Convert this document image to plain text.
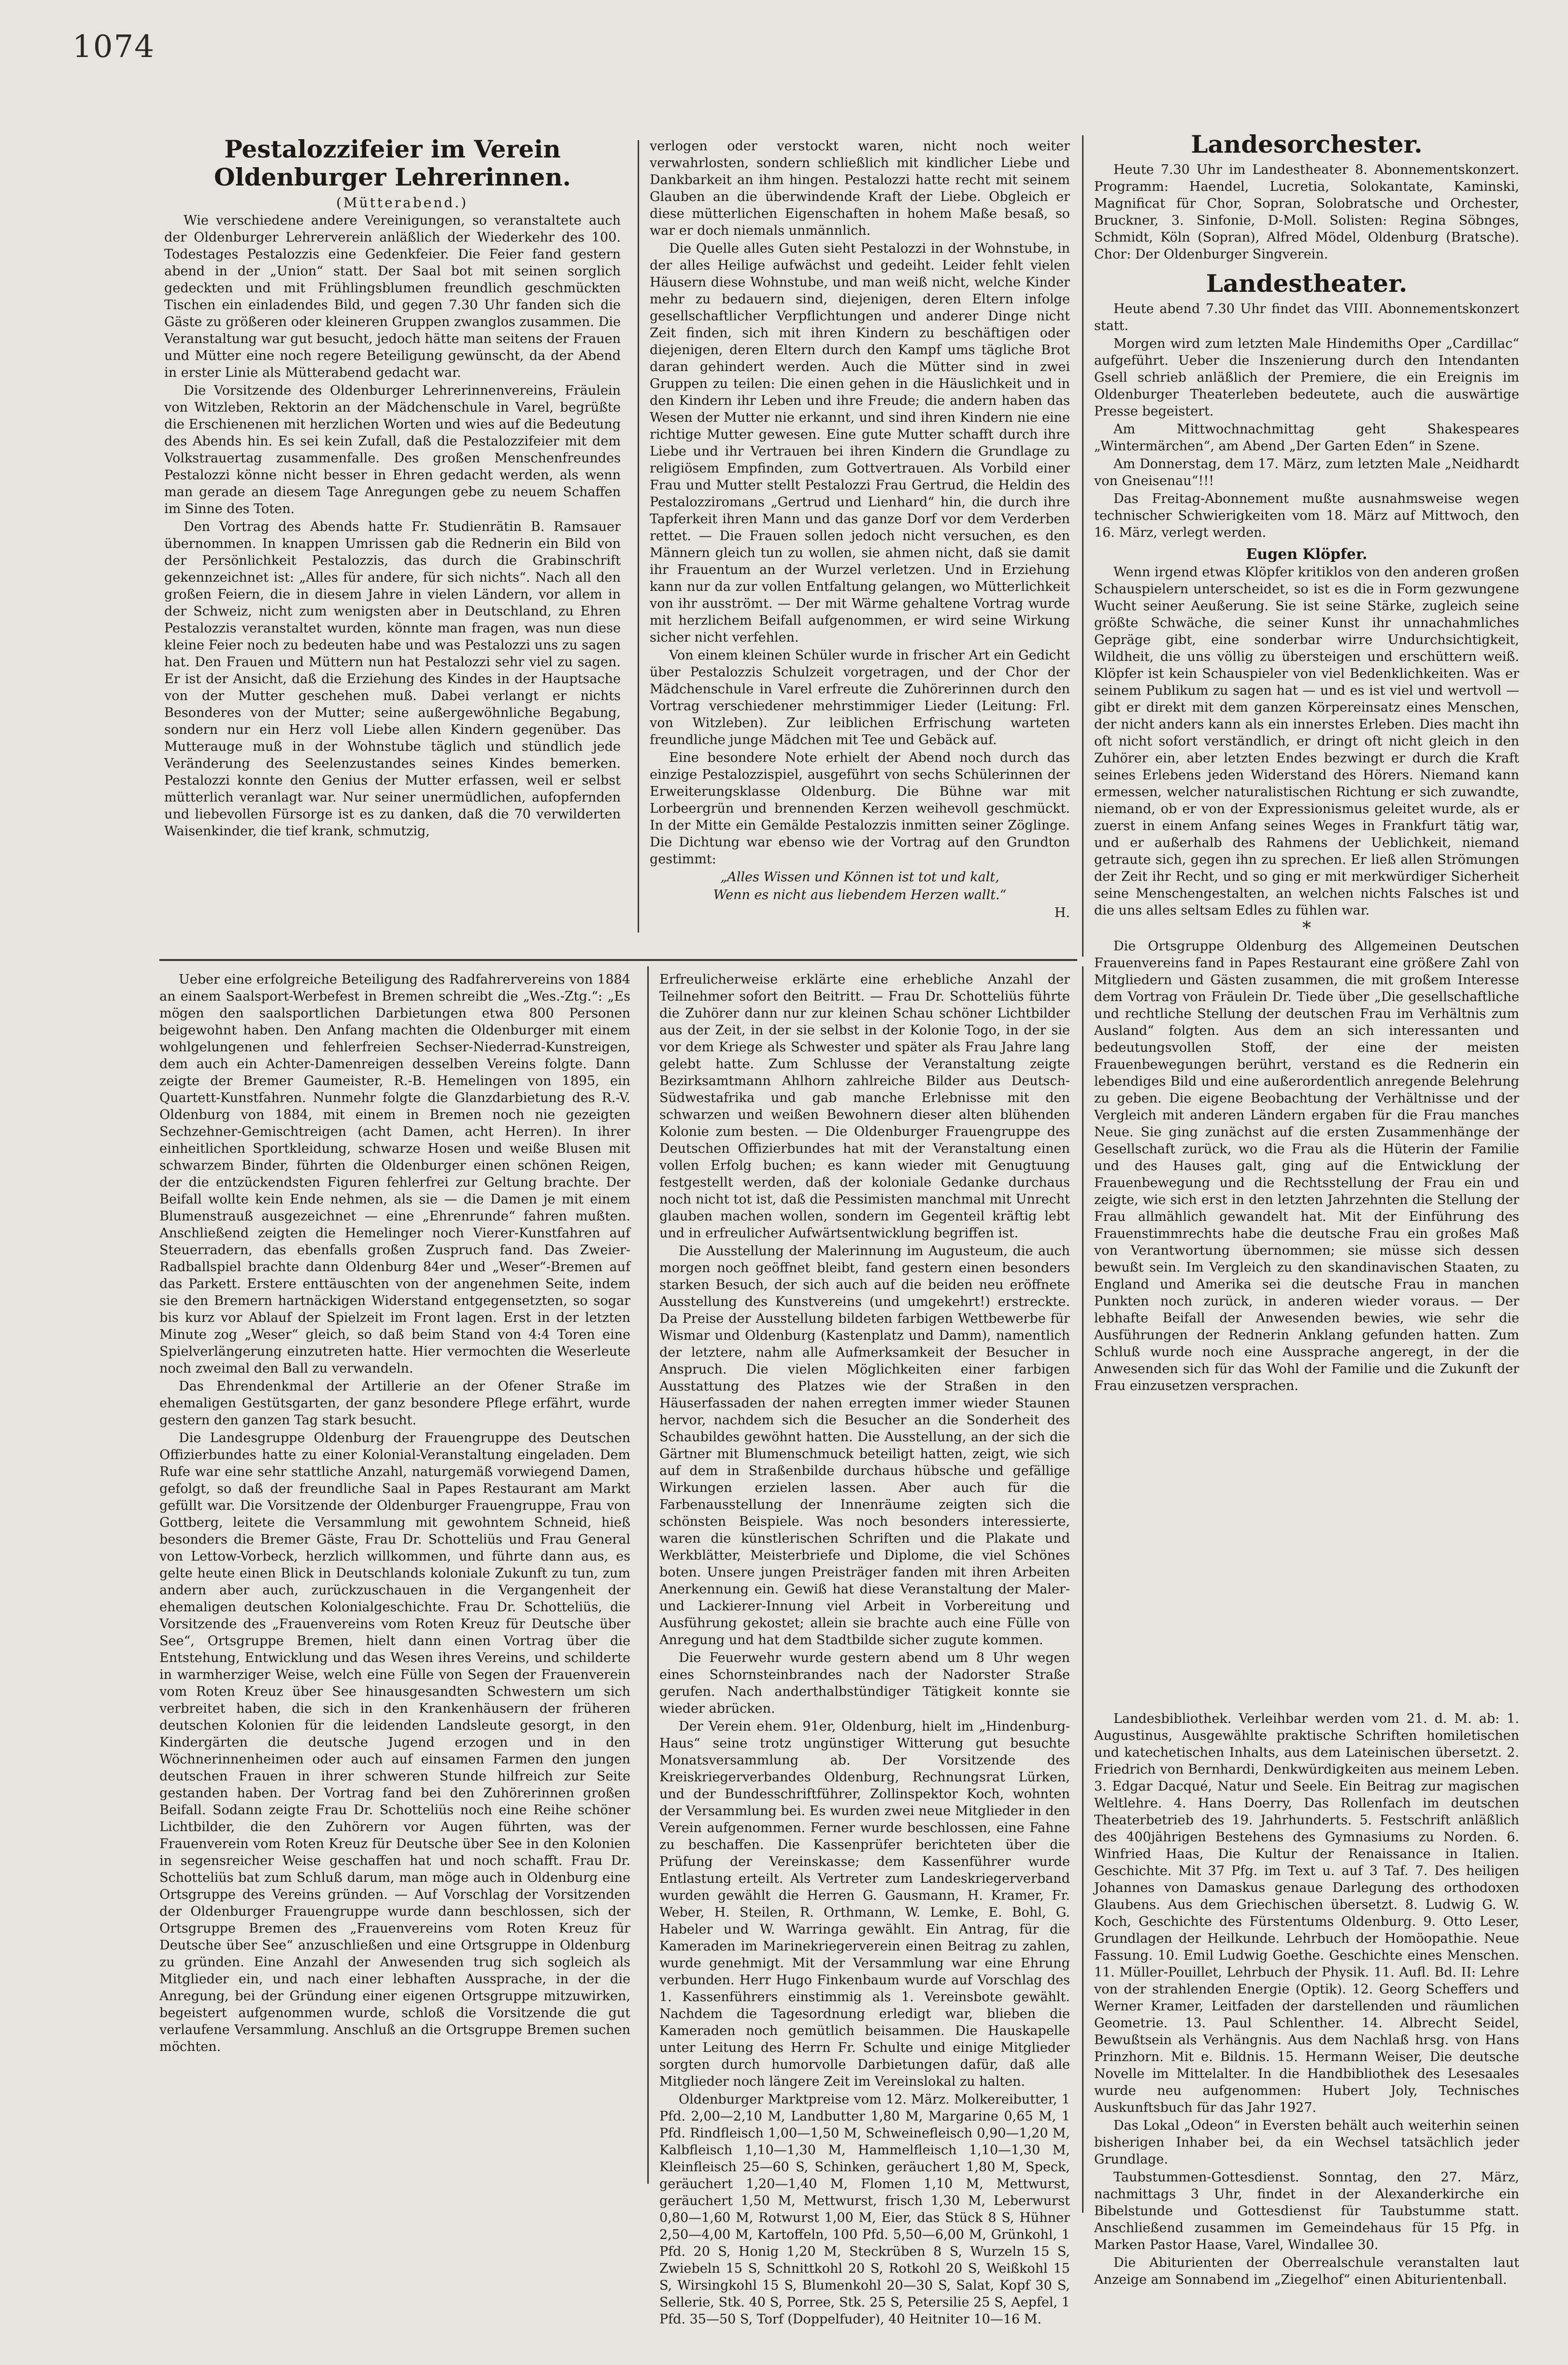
1074
Pestalozzifeier im Verein Oldenburger Lehrerinnen.

(Mütterabend.)

Wie verschiedene andere Vereinigungen, so veranstaltete auch der Oldenburger Lehrerverein anläßlich der Wiederkehr des 100. Todestages Pestalozzis eine Gedenkfeier. Die Feier fand gestern abend in der „Union“ statt. Der Saal bot mit seinen sorglich gedeckten und mit Frühlingsblumen freundlich geschmückten Tischen ein einladendes Bild, und gegen 7.30 Uhr fanden sich die Gäste zu größeren oder kleineren Gruppen zwanglos zusammen. Die Veranstaltung war gut besucht, jedoch hätte man seitens der Frauen und Mütter eine noch regere Beteiligung gewünscht, da der Abend in erster Linie als Mütterabend gedacht war.

Die Vorsitzende des Oldenburger Lehrerinnenvereins, Fräulein von Witzleben, Rektorin an der Mädchenschule in Varel, begrüßte die Erschienenen mit herzlichen Worten und wies auf die Bedeutung des Abends hin. Es sei kein Zufall, daß die Pestalozzifeier mit dem Volkstrauertag zusammenfalle. Des großen Menschenfreundes Pestalozzi könne nicht besser in Ehren gedacht werden, als wenn man gerade an diesem Tage Anregungen gebe zu neuem Schaffen im Sinne des Toten.

Den Vortrag des Abends hatte Fr. Studienrätin B. Ramsauer übernommen. In knappen Umrissen gab die Rednerin ein Bild von der Persönlichkeit Pestalozzis, das durch die Grabinschrift gekennzeichnet ist: „Alles für andere, für sich nichts“. Nach all den großen Feiern, die in diesem Jahre in vielen Ländern, vor allem in der Schweiz, nicht zum wenigsten aber in Deutschland, zu Ehren Pestalozzis veranstaltet wurden, könnte man fragen, was nun diese kleine Feier noch zu bedeuten habe und was Pestalozzi uns zu sagen hat. Den Frauen und Müttern nun hat Pestalozzi sehr viel zu sagen. Er ist der Ansicht, daß die Erziehung des Kindes in der Hauptsache von der Mutter geschehen muß. Dabei verlangt er nichts Besonderes von der Mutter; seine außergewöhnliche Begabung, sondern nur ein Herz voll Liebe allen Kindern gegenüber. Das Mutterauge muß in der Wohnstube täglich und stündlich jede Veränderung des Seelenzustandes seines Kindes bemerken. Pestalozzi konnte den Genius der Mutter erfassen, weil er selbst mütterlich veranlagt war. Nur seiner unermüdlichen, aufopfernden und liebevollen Fürsorge ist es zu danken, daß die 70 verwilderten Waisenkinder, die tief krank, schmutzig,

verlogen oder verstockt waren, nicht noch weiter verwahrlosten, sondern schließlich mit kindlicher Liebe und Dankbarkeit an ihm hingen. Pestalozzi hatte recht mit seinem Glauben an die überwindende Kraft der Liebe. Obgleich er diese mütterlichen Eigenschaften in hohem Maße besaß, so war er doch niemals unmännlich.

Die Quelle alles Guten sieht Pestalozzi in der Wohnstube, in der alles Heilige aufwächst und gedeiht. Leider fehlt vielen Häusern diese Wohnstube, und man weiß nicht, welche Kinder mehr zu bedauern sind, diejenigen, deren Eltern infolge gesellschaftlicher Verpflichtungen und anderer Dinge nicht Zeit finden, sich mit ihren Kindern zu beschäftigen oder diejenigen, deren Eltern durch den Kampf ums tägliche Brot daran gehindert werden. Auch die Mütter sind in zwei Gruppen zu teilen: Die einen gehen in die Häuslichkeit und in den Kindern ihr Leben und ihre Freude; die andern haben das Wesen der Mutter nie erkannt, und sind ihren Kindern nie eine richtige Mutter gewesen. Eine gute Mutter schafft durch ihre Liebe und ihr Vertrauen bei ihren Kindern die Grundlage zu religiösem Empfinden, zum Gottvertrauen. Als Vorbild einer Frau und Mutter stellt Pestalozzi Frau Gertrud, die Heldin des Pestalozziromans „Gertrud und Lienhard“ hin, die durch ihre Tapferkeit ihren Mann und das ganze Dorf vor dem Verderben rettet. — Die Frauen sollen jedoch nicht versuchen, es den Männern gleich tun zu wollen, sie ahmen nicht, daß sie damit ihr Frauentum an der Wurzel verletzen. Und in Erziehung kann nur da zur vollen Entfaltung gelangen, wo Mütterlichkeit von ihr ausströmt. — Der mit Wärme gehaltene Vortrag wurde mit herzlichem Beifall aufgenommen, er wird seine Wirkung sicher nicht verfehlen.

Von einem kleinen Schüler wurde in frischer Art ein Gedicht über Pestalozzis Schulzeit vorgetragen, und der Chor der Mädchenschule in Varel erfreute die Zuhörerinnen durch den Vortrag verschiedener mehrstimmiger Lieder (Leitung: Frl. von Witzleben). Zur leiblichen Erfrischung warteten freundliche junge Mädchen mit Tee und Gebäck auf.

Eine besondere Note erhielt der Abend noch durch das einzige Pestalozzispiel, ausgeführt von sechs Schülerinnen der Erweiterungsklasse Oldenburg. Die Bühne war mit Lorbeergrün und brennenden Kerzen weihevoll geschmückt. In der Mitte ein Gemälde Pestalozzis inmitten seiner Zöglinge. Die Dichtung war ebenso wie der Vortrag auf den Grundton gestimmt:

„Alles Wissen und Können ist tot und kalt,

Wenn es nicht aus liebendem Herzen wallt.“

H.

Landesorchester.

Heute 7.30 Uhr im Landestheater 8. Abonnementskonzert. Programm: Haendel, Lucretia, Solokantate, Kaminski, Magnificat für Chor, Sopran, Solobratsche und Orchester, Bruckner, 3. Sinfonie, D-Moll. Solisten: Regina Söbnges, Schmidt, Köln (Sopran), Alfred Mödel, Oldenburg (Bratsche). Chor: Der Oldenburger Singverein.

Landestheater.

Heute abend 7.30 Uhr findet das VIII. Abonnementskonzert statt.

Morgen wird zum letzten Male Hindemiths Oper „Cardillac“ aufgeführt. Ueber die Inszenierung durch den Intendanten Gsell schrieb anläßlich der Premiere, die ein Ereignis im Oldenburger Theaterleben bedeutete, auch die auswärtige Presse begeistert.

Am Mittwochnachmittag geht Shakespeares „Wintermärchen“, am Abend „Der Garten Eden“ in Szene.

Am Donnerstag, dem 17. März, zum letzten Male „Neidhardt von Gneisenau“!!!

Das Freitag-Abonnement mußte ausnahmsweise wegen technischer Schwierigkeiten vom 18. März auf Mittwoch, den 16. März, verlegt werden.

Eugen Klöpfer.

Wenn irgend etwas Klöpfer kritiklos von den anderen großen Schauspielern unterscheidet, so ist es die in Form gezwungene Wucht seiner Aeußerung. Sie ist seine Stärke, zugleich seine größte Schwäche, die seiner Kunst ihr unnachahmliches Gepräge gibt, eine sonderbar wirre Undurchsichtigkeit, Wildheit, die uns völlig zu übersteigen und erschüttern weiß. Klöpfer ist kein Schauspieler von viel Bedenklichkeiten. Was er seinem Publikum zu sagen hat — und es ist viel und wertvoll — gibt er direkt mit dem ganzen Körpereinsatz eines Menschen, der nicht anders kann als ein innerstes Erleben. Dies macht ihn oft nicht sofort verständlich, er dringt oft nicht gleich in den Zuhörer ein, aber letzten Endes bezwingt er durch die Kraft seines Erlebens jeden Widerstand des Hörers. Niemand kann ermessen, welcher naturalistischen Richtung er sich zuwandte, niemand, ob er von der Expressionismus geleitet wurde, als er zuerst in einem Anfang seines Weges in Frankfurt tätig war, und er außerhalb des Rahmens der Ueblichkeit, niemand getraute sich, gegen ihn zu sprechen. Er ließ allen Strömungen der Zeit ihr Recht, und so ging er mit merkwürdiger Sicherheit seine Menschengestalten, an welchen nichts Falsches ist und die uns alles seltsam Edles zu fühlen war.

*

Die Ortsgruppe Oldenburg des Allgemeinen Deutschen Frauenvereins fand in Papes Restaurant eine größere Zahl von Mitgliedern und Gästen zusammen, die mit großem Interesse dem Vortrag von Fräulein Dr. Tiede über „Die gesellschaftliche und rechtliche Stellung der deutschen Frau im Verhältnis zum Ausland“ folgten. Aus dem an sich interessanten und bedeutungsvollen Stoff, der eine der meisten Frauenbewegungen berührt, verstand es die Rednerin ein lebendiges Bild und eine außerordentlich anregende Belehrung zu geben. Die eigene Beobachtung der Verhältnisse und der Vergleich mit anderen Ländern ergaben für die Frau manches Neue. Sie ging zunächst auf die ersten Zusammenhänge der Gesellschaft zurück, wo die Frau als die Hüterin der Familie und des Hauses galt, ging auf die Entwicklung der Frauenbewegung und die Rechtsstellung der Frau ein und zeigte, wie sich erst in den letzten Jahrzehnten die Stellung der Frau allmählich gewandelt hat. Mit der Einführung des Frauenstimmrechts habe die deutsche Frau ein großes Maß von Verantwortung übernommen; sie müsse sich dessen bewußt sein. Im Vergleich zu den skandinavischen Staaten, zu England und Amerika sei die deutsche Frau in manchen Punkten noch zurück, in anderen wieder voraus. — Der lebhafte Beifall der Anwesenden bewies, wie sehr die Ausführungen der Rednerin Anklang gefunden hatten. Zum Schluß wurde noch eine Aussprache angeregt, in der die Anwesenden sich für das Wohl der Familie und die Zukunft der Frau einzusetzen versprachen.

Ueber eine erfolgreiche Beteiligung des Radfahrervereins von 1884 an einem Saalsport-Werbefest in Bremen schreibt die „Wes.-Ztg.“: „Es mögen den saalsportlichen Darbietungen etwa 800 Personen beigewohnt haben. Den Anfang machten die Oldenburger mit einem wohlgelungenen und fehlerfreien Sechser-Niederrad-Kunstreigen, dem auch ein Achter-Damenreigen desselben Vereins folgte. Dann zeigte der Bremer Gaumeister, R.-B. Hemelingen von 1895, ein Quartett-Kunstfahren. Nunmehr folgte die Glanzdarbietung des R.-V. Oldenburg von 1884, mit einem in Bremen noch nie gezeigten Sechzehner-Gemischtreigen (acht Damen, acht Herren). In ihrer einheitlichen Sportkleidung, schwarze Hosen und weiße Blusen mit schwarzem Binder, führten die Oldenburger einen schönen Reigen, der die entzückendsten Figuren fehlerfrei zur Geltung brachte. Der Beifall wollte kein Ende nehmen, als sie — die Damen je mit einem Blumenstrauß ausgezeichnet — eine „Ehrenrunde“ fahren mußten. Anschließend zeigten die Hemelinger noch Vierer-Kunstfahren auf Steuerradern, das ebenfalls großen Zuspruch fand. Das Zweier-Radballspiel brachte dann Oldenburg 84er und „Weser“-Bremen auf das Parkett. Erstere enttäuschten von der angenehmen Seite, indem sie den Bremern hartnäckigen Widerstand entgegensetzten, so sogar bis kurz vor Ablauf der Spielzeit im Front lagen. Erst in der letzten Minute zog „Weser“ gleich, so daß beim Stand von 4:4 Toren eine Spielverlängerung einzutreten hatte. Hier vermochten die Weserleute noch zweimal den Ball zu verwandeln.

Das Ehrendenkmal der Artillerie an der Ofener Straße im ehemaligen Gestütsgarten, der ganz besondere Pflege erfährt, wurde gestern den ganzen Tag stark besucht.

Die Landesgruppe Oldenburg der Frauengruppe des Deutschen Offizierbundes hatte zu einer Kolonial-Veranstaltung eingeladen. Dem Rufe war eine sehr stattliche Anzahl, naturgemäß vorwiegend Damen, gefolgt, so daß der freundliche Saal in Papes Restaurant am Markt gefüllt war. Die Vorsitzende der Oldenburger Frauengruppe, Frau von Gottberg, leitete die Versammlung mit gewohntem Schneid, hieß besonders die Bremer Gäste, Frau Dr. Schotteliüs und Frau General von Lettow-Vorbeck, herzlich willkommen, und führte dann aus, es gelte heute einen Blick in Deutschlands koloniale Zukunft zu tun, zum andern aber auch, zurückzuschauen in die Vergangenheit der ehemaligen deutschen Kolonialgeschichte. Frau Dr. Schotteliüs, die Vorsitzende des „Frauenvereins vom Roten Kreuz für Deutsche über See“, Ortsgruppe Bremen, hielt dann einen Vortrag über die Entstehung, Entwicklung und das Wesen ihres Vereins, und schilderte in warmherziger Weise, welch eine Fülle von Segen der Frauenverein vom Roten Kreuz über See hinausgesandten Schwestern um sich verbreitet haben, die sich in den Krankenhäusern der früheren deutschen Kolonien für die leidenden Landsleute gesorgt, in den Kindergärten die deutsche Jugend erzogen und in den Wöchnerinnenheimen oder auch auf einsamen Farmen den jungen deutschen Frauen in ihrer schweren Stunde hilfreich zur Seite gestanden haben. Der Vortrag fand bei den Zuhörerinnen großen Beifall. Sodann zeigte Frau Dr. Schotteliüs noch eine Reihe schöner Lichtbilder, die den Zuhörern vor Augen führten, was der Frauenverein vom Roten Kreuz für Deutsche über See in den Kolonien in segensreicher Weise geschaffen hat und noch schafft. Frau Dr. Schotteliüs bat zum Schluß darum, man möge auch in Oldenburg eine Ortsgruppe des Vereins gründen. — Auf Vorschlag der Vorsitzenden der Oldenburger Frauengruppe wurde dann beschlossen, sich der Ortsgruppe Bremen des „Frauenvereins vom Roten Kreuz für Deutsche über See“ anzuschließen und eine Ortsgruppe in Oldenburg zu gründen. Eine Anzahl der Anwesenden trug sich sogleich als Mitglieder ein, und nach einer lebhaften Aussprache, in der die Anregung, bei der Gründung einer eigenen Ortsgruppe mitzuwirken, begeistert aufgenommen wurde, schloß die Vorsitzende die gut verlaufene Versammlung. Anschluß an die Ortsgruppe Bremen suchen möchten.

Erfreulicherweise erklärte eine erhebliche Anzahl der Teilnehmer sofort den Beitritt. — Frau Dr. Schotteliüs führte die Zuhörer dann nur zur kleinen Schau schöner Lichtbilder aus der Zeit, in der sie selbst in der Kolonie Togo, in der sie vor dem Kriege als Schwester und später als Frau Jahre lang gelebt hatte. Zum Schlusse der Veranstaltung zeigte Bezirksamtmann Ahlhorn zahlreiche Bilder aus Deutsch-Südwestafrika und gab manche Erlebnisse mit den schwarzen und weißen Bewohnern dieser alten blühenden Kolonie zum besten. — Die Oldenburger Frauengruppe des Deutschen Offizierbundes hat mit der Veranstaltung einen vollen Erfolg buchen; es kann wieder mit Genugtuung festgestellt werden, daß der koloniale Gedanke durchaus noch nicht tot ist, daß die Pessimisten manchmal mit Unrecht glauben machen wollen, sondern im Gegenteil kräftig lebt und in erfreulicher Aufwärtsentwicklung begriffen ist.

Die Ausstellung der Malerinnung im Augusteum, die auch morgen noch geöffnet bleibt, fand gestern einen besonders starken Besuch, der sich auch auf die beiden neu eröffnete Ausstellung des Kunstvereins (und umgekehrt!) erstreckte. Da Preise der Ausstellung bildeten farbigen Wettbewerbe für Wismar und Oldenburg (Kastenplatz und Damm), namentlich der letztere, nahm alle Aufmerksamkeit der Besucher in Anspruch. Die vielen Möglichkeiten einer farbigen Ausstattung des Platzes wie der Straßen in den Häuserfassaden der nahen erregten immer wieder Staunen hervor, nachdem sich die Besucher an die Sonderheit des Schaubildes gewöhnt hatten. Die Ausstellung, an der sich die Gärtner mit Blumenschmuck beteiligt hatten, zeigt, wie sich auf dem in Straßenbilde durchaus hübsche und gefällige Wirkungen erzielen lassen. Aber auch für die Farbenausstellung der Innenräume zeigten sich die schönsten Beispiele. Was noch besonders interessierte, waren die künstlerischen Schriften und die Plakate und Werkblätter, Meisterbriefe und Diplome, die viel Schönes boten. Unsere jungen Preisträger fanden mit ihren Arbeiten Anerkennung ein. Gewiß hat diese Veranstaltung der Maler- und Lackierer-Innung viel Arbeit in Vorbereitung und Ausführung gekostet; allein sie brachte auch eine Fülle von Anregung und hat dem Stadtbilde sicher zugute kommen.

Die Feuerwehr wurde gestern abend um 8 Uhr wegen eines Schornsteinbrandes nach der Nadorster Straße gerufen. Nach anderthalbstündiger Tätigkeit konnte sie wieder abrücken.

Der Verein ehem. 91er, Oldenburg, hielt im „Hindenburg-Haus“ seine trotz ungünstiger Witterung gut besuchte Monatsversammlung ab. Der Vorsitzende des Kreiskriegerverbandes Oldenburg, Rechnungsrat Lürken, und der Bundesschriftführer, Zollinspektor Koch, wohnten der Versammlung bei. Es wurden zwei neue Mitglieder in den Verein aufgenommen. Ferner wurde beschlossen, eine Fahne zu beschaffen. Die Kassenprüfer berichteten über die Prüfung der Vereinskasse; dem Kassenführer wurde Entlastung erteilt. Als Vertreter zum Landeskriegerverband wurden gewählt die Herren G. Gausmann, H. Kramer, Fr. Weber, H. Steilen, R. Orthmann, W. Lemke, E. Bohl, G. Habeler und W. Warringa gewählt. Ein Antrag, für die Kameraden im Marinekriegerverein einen Beitrag zu zahlen, wurde genehmigt. Mit der Versammlung war eine Ehrung verbunden. Herr Hugo Finkenbaum wurde auf Vorschlag des 1. Kassenführers einstimmig als 1. Vereinsbote gewählt. Nachdem die Tagesordnung erledigt war, blieben die Kameraden noch gemütlich beisammen. Die Hauskapelle unter Leitung des Herrn Fr. Schulte und einige Mitglieder sorgten durch humorvolle Darbietungen dafür, daß alle Mitglieder noch längere Zeit im Vereinslokal zu halten.

Oldenburger Marktpreise vom 12. März. Molkereibutter, 1 Pfd. 2,00—2,10 M, Landbutter 1,80 M, Margarine 0,65 M, 1 Pfd. Rindfleisch 1,00—1,50 M, Schweinefleisch 0,90—1,20 M, Kalbfleisch 1,10—1,30 M, Hammelfleisch 1,10—1,30 M, Kleinfleisch 25—60 S, Schinken, geräuchert 1,80 M, Speck, geräuchert 1,20—1,40 M, Flomen 1,10 M, Mettwurst, geräuchert 1,50 M, Mettwurst, frisch 1,30 M, Leberwurst 0,80—1,60 M, Rotwurst 1,00 M, Eier, das Stück 8 S, Hühner 2,50—4,00 M, Kartoffeln, 100 Pfd. 5,50—6,00 M, Grünkohl, 1 Pfd. 20 S, Honig 1,20 M, Steckrüben 8 S, Wurzeln 15 S, Zwiebeln 15 S, Schnittkohl 20 S, Rotkohl 20 S, Weißkohl 15 S, Wirsingkohl 15 S, Blumenkohl 20—30 S, Salat, Kopf 30 S, Sellerie, Stk. 40 S, Porree, Stk. 25 S, Petersilie 25 S, Aepfel, 1 Pfd. 35—50 S, Torf (Doppelfuder), 40 Heitniter 10—16 M.

Landesbibliothek. Verleihbar werden vom 21. d. M. ab: 1. Augustinus, Ausgewählte praktische Schriften homiletischen und katechetischen Inhalts, aus dem Lateinischen übersetzt. 2. Friedrich von Bernhardi, Denkwürdigkeiten aus meinem Leben. 3. Edgar Dacqué, Natur und Seele. Ein Beitrag zur magischen Weltlehre. 4. Hans Doerry, Das Rollenfach im deutschen Theaterbetrieb des 19. Jahrhunderts. 5. Festschrift anläßlich des 400jährigen Bestehens des Gymnasiums zu Norden. 6. Winfried Haas, Die Kultur der Renaissance in Italien. Geschichte. Mit 37 Pfg. im Text u. auf 3 Taf. 7. Des heiligen Johannes von Damaskus genaue Darlegung des orthodoxen Glaubens. Aus dem Griechischen übersetzt. 8. Ludwig G. W. Koch, Geschichte des Fürstentums Oldenburg. 9. Otto Leser, Grundlagen der Heilkunde. Lehrbuch der Homöopathie. Neue Fassung. 10. Emil Ludwig Goethe. Geschichte eines Menschen. 11. Müller-Pouillet, Lehrbuch der Physik. 11. Aufl. Bd. II: Lehre von der strahlenden Energie (Optik). 12. Georg Scheffers und Werner Kramer, Leitfaden der darstellenden und räumlichen Geometrie. 13. Paul Schlenther. 14. Albrecht Seidel, Bewußtsein als Verhängnis. Aus dem Nachlaß hrsg. von Hans Prinzhorn. Mit e. Bildnis. 15. Hermann Weiser, Die deutsche Novelle im Mittelalter. In die Handbibliothek des Lesesaales wurde neu aufgenommen: Hubert Joly, Technisches Auskunftsbuch für das Jahr 1927.

Das Lokal „Odeon“ in Eversten behält auch weiterhin seinen bisherigen Inhaber bei, da ein Wechsel tatsächlich jeder Grundlage.

Taubstummen-Gottesdienst. Sonntag, den 27. März, nachmittags 3 Uhr, findet in der Alexanderkirche ein Bibelstunde und Gottesdienst für Taubstumme statt. Anschließend zusammen im Gemeindehaus für 15 Pfg. in Marken Pastor Haase, Varel, Windallee 30.

Die Abiturienten der Oberrealschule veranstalten laut Anzeige am Sonnabend im „Ziegelhof“ einen Abiturientenball.
